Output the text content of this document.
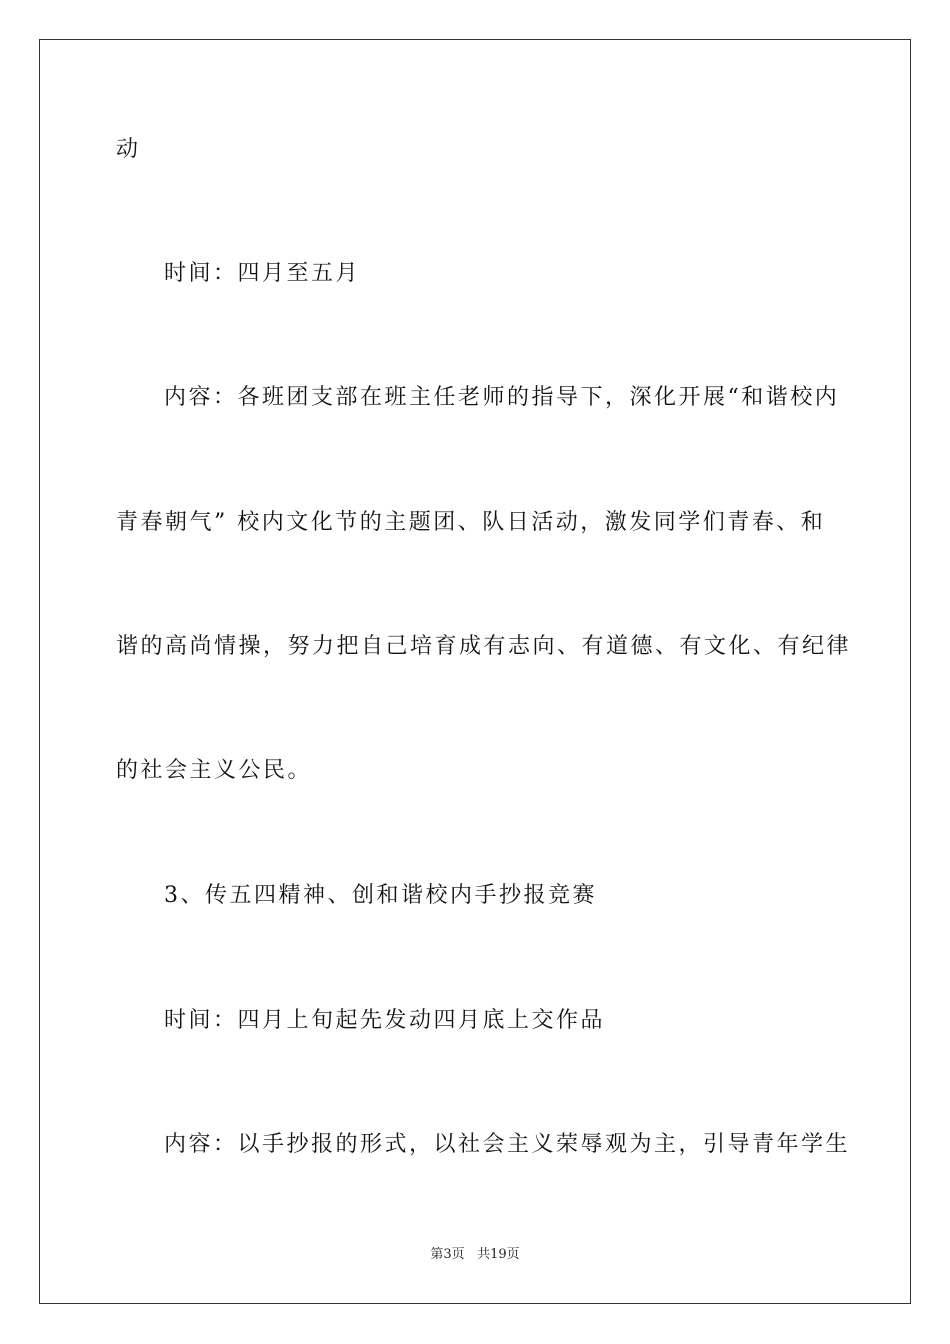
动
时间：四月至五月
内容：各班团支部在班主任老师的指导下，深化开展“和谐校内
青春朝气” 校内文化节的主题团、队日活动，激发同学们青春、和
谐的高尚情操，努力把自己培育成有志向、有道德、有文化、有纪律
的社会主义公民。
3、传五四精神、创和谐校内手抄报竞赛
时间：四月上旬起先发动四月底上交作品
内容：以手抄报的形式，以社会主义荣辱观为主，引导青年学生
第3页 共19页
